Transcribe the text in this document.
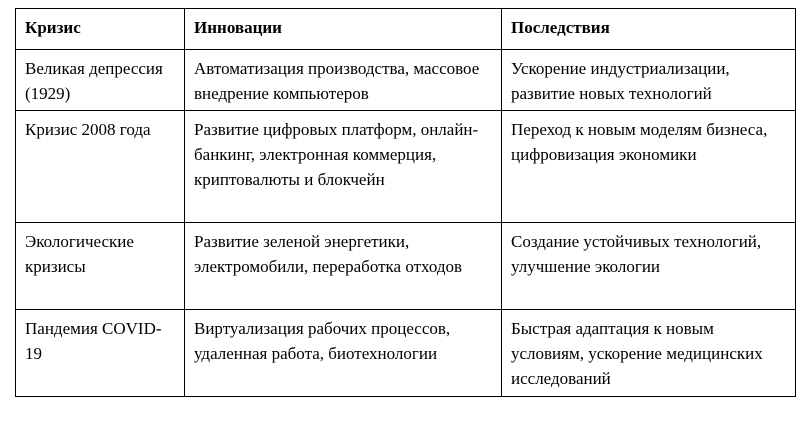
Кризис	Инновации	Последствия
Великая депрессия (1929)	Автоматизация производства, массовое внедрение компьютеров	Ускорение индустриализации, развитие новых технологий
Кризис 2008 года	Развитие цифровых платформ, онлайн-банкинг, электронная коммерция, криптовалюты и блокчейн	Переход к новым моделям бизнеса, цифровизация экономики
Экологические кризисы	Развитие зеленой энергетики, электромобили, переработка отходов	Создание устойчивых технологий, улучшение экологии
Пандемия COVID-19	Виртуализация рабочих процессов, удаленная работа, биотехнологии	Быстрая адаптация к новым условиям, ускорение медицинских исследований
